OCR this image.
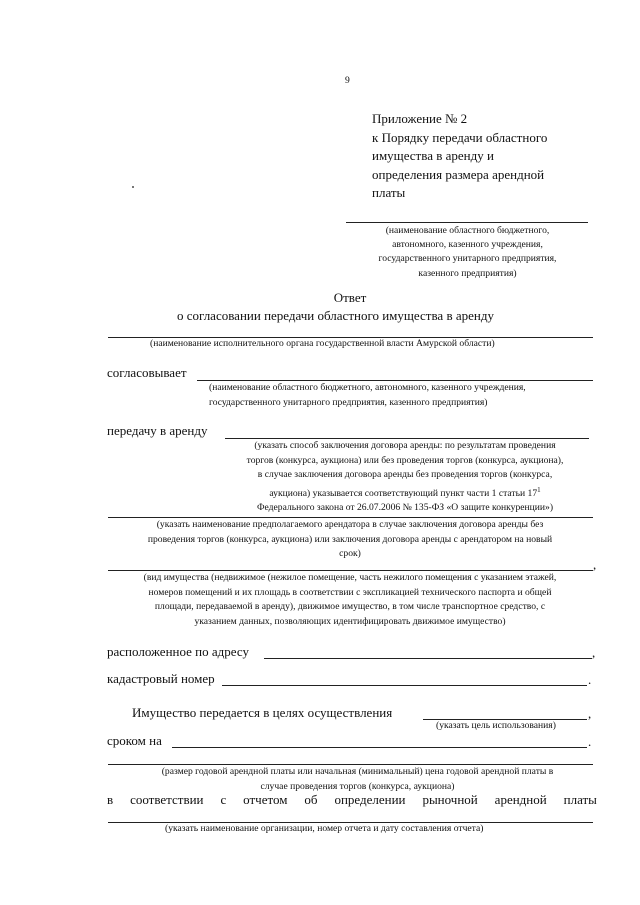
9
Приложение № 2
к Порядку передачи областного
имущества в аренду и
определения размера арендной
платы
(наименование областного бюджетного,
автономного, казенного учреждения,
государственного унитарного предприятия,
казенного предприятия)
Ответ
о согласовании передачи областного имущества в аренду
(наименование исполнительного органа государственной власти Амурской области)
согласовывает
(наименование областного бюджетного, автономного, казенного учреждения,
государственного унитарного предприятия, казенного предприятия)
передачу в аренду
(указать способ заключения договора аренды: по результатам проведения
торгов (конкурса, аукциона) или без проведения торгов (конкурса, аукциона),
в случае заключения договора аренды без проведения торгов (конкурса,
аукциона) указывается соответствующий пункт части 1 статьи $17^1$
Федерального закона от 26.07.2006 № 135-ФЗ «О защите конкуренции»)
(указать наименование предполагаемого арендатора в случае заключения договора аренды без
проведения торгов (конкурса, аукциона) или заключения договора аренды с арендатором на новый
срок)
,
(вид имущества (недвижимое (нежилое помещение, часть нежилого помещения с указанием этажей,
номеров помещений и их площадь в соответствии с экспликацией технического паспорта и общей
площади, передаваемой в аренду), движимое имущество, в том числе транспортное средство, с
указанием данных, позволяющих идентифицировать движимое имущество)
расположенное по адресу	,
кадастровый номер	.
Имущество передается в целях осуществления	,
(указать цель использования)
сроком на	.
(размер годовой арендной платы или начальная (минимальный) цена годовой арендной платы в
случае проведения торгов (конкурса, аукциона)
в соответствии с отчетом об определении рыночной арендной платы
(указать наименование организации, номер отчета и дату составления отчета)
